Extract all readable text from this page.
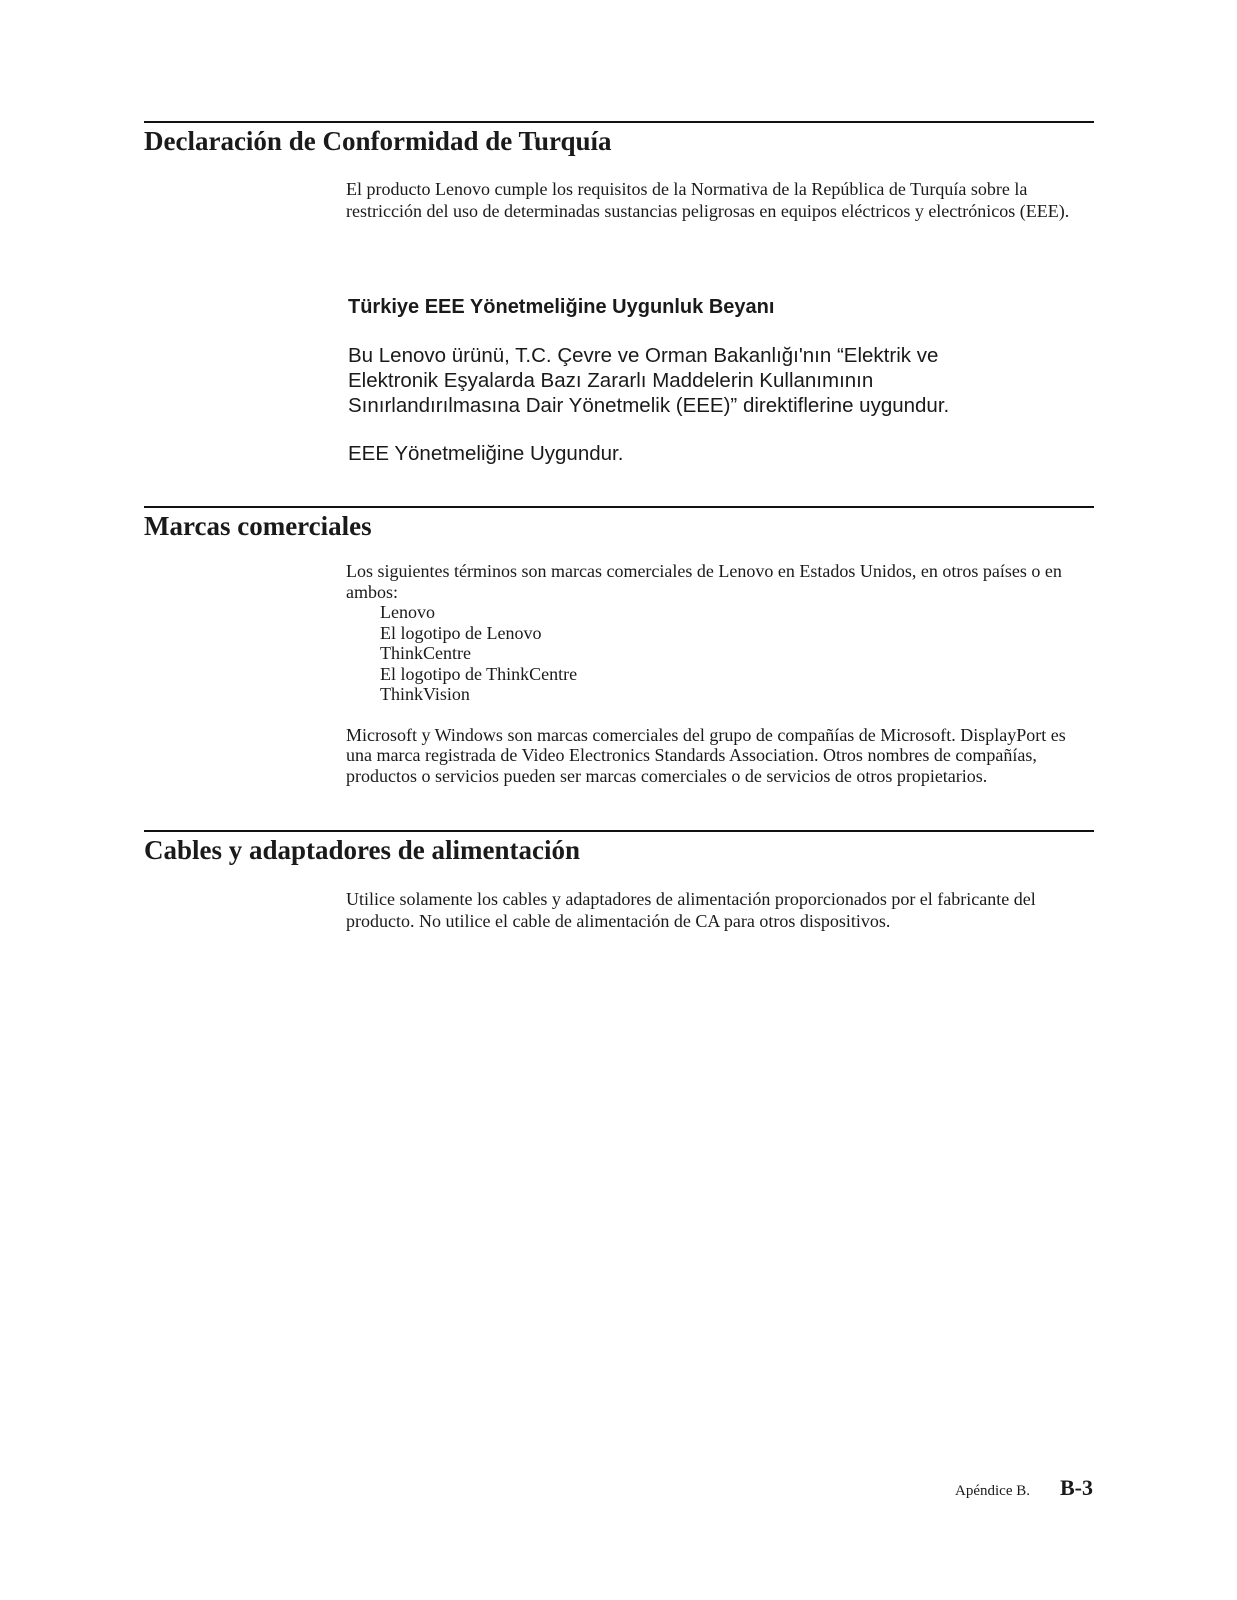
Declaración de Conformidad de Turquía

El producto Lenovo cumple los requisitos de la Normativa de la República de Turquía sobre la restricción del uso de determinadas sustancias peligrosas en equipos eléctricos y electrónicos (EEE).

Türkiye EEE Yönetmeliğine Uygunluk Beyanı
Bu Lenovo ürünü, T.C. Çevre ve Orman Bakanlığı'nın “Elektrik ve
Elektronik Eşyalarda Bazı Zararlı Maddelerin Kullanımının
Sınırlandırılmasına Dair Yönetmelik (EEE)” direktiflerine uygundur.
EEE Yönetmeliğine Uygundur.
Marcas comerciales

Los siguientes términos son marcas comerciales de Lenovo en Estados Unidos, en otros países o en ambos:

Lenovo
El logotipo de Lenovo
ThinkCentre
El logotipo de ThinkCentre
ThinkVision

Microsoft y Windows son marcas comerciales del grupo de compañías de Microsoft. DisplayPort es una marca registrada de Video Electronics Standards Association. Otros nombres de compañías, productos o servicios pueden ser marcas comerciales o de servicios de otros propietarios.

Cables y adaptadores de alimentación

Utilice solamente los cables y adaptadores de alimentación proporcionados por el fabricante del producto. No utilice el cable de alimentación de CA para otros dispositivos.

Apéndice B. B-3
